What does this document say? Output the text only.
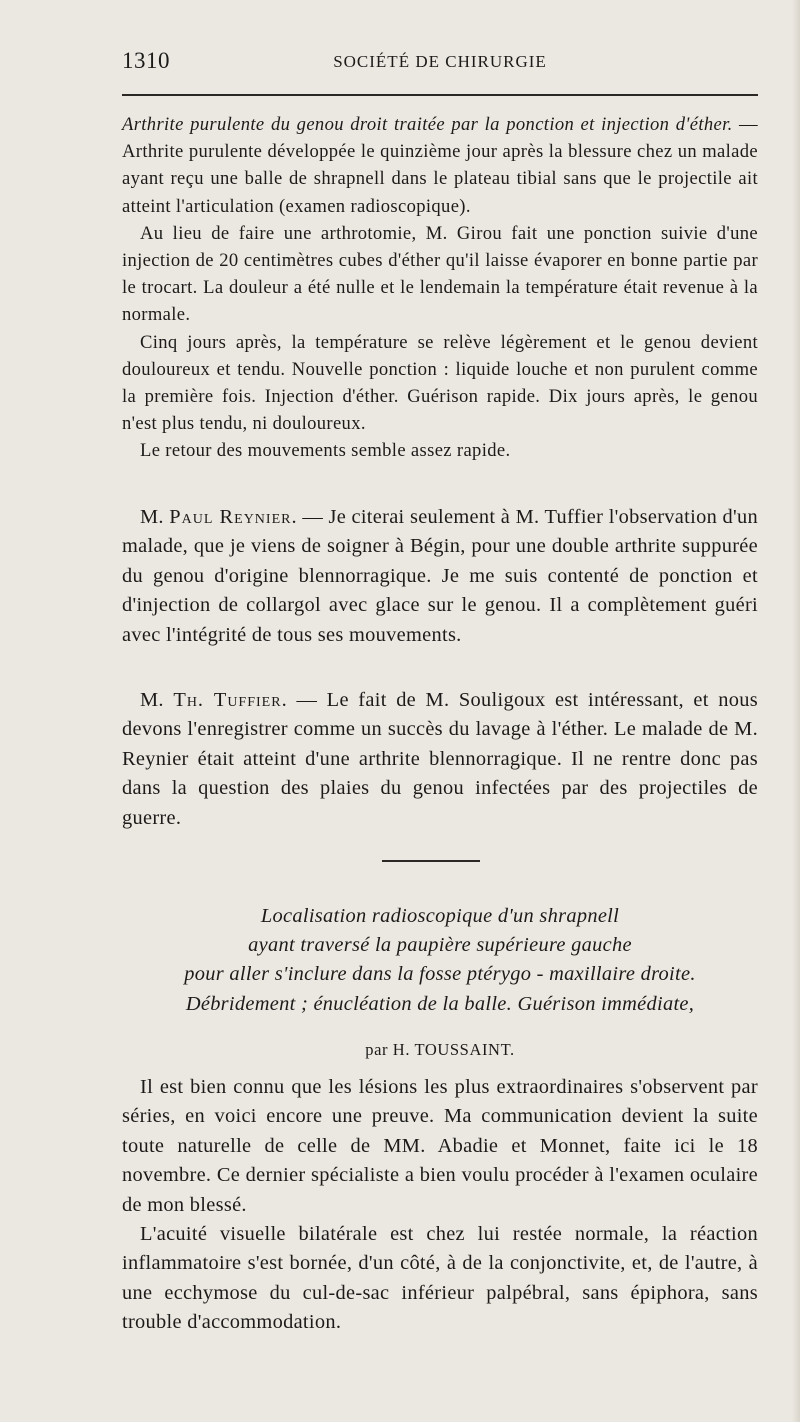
1310	SOCIÉTÉ DE CHIRURGIE

Arthrite purulente du genou droit traitée par la ponction et injection d'éther. — Arthrite purulente développée le quinzième jour après la blessure chez un malade ayant reçu une balle de shrapnell dans le plateau tibial sans que le projectile ait atteint l'articulation (examen radioscopique).

Au lieu de faire une arthrotomie, M. Girou fait une ponction suivie d'une injection de 20 centimètres cubes d'éther qu'il laisse évaporer en bonne partie par le trocart. La douleur a été nulle et le lendemain la température était revenue à la normale.

Cinq jours après, la température se relève légèrement et le genou devient douloureux et tendu. Nouvelle ponction : liquide louche et non purulent comme la première fois. Injection d'éther. Guérison rapide. Dix jours après, le genou n'est plus tendu, ni douloureux.

Le retour des mouvements semble assez rapide.

M. Paul Reynier. — Je citerai seulement à M. Tuffier l'observation d'un malade, que je viens de soigner à Bégin, pour une double arthrite suppurée du genou d'origine blennorragique. Je me suis contenté de ponction et d'injection de collargol avec glace sur le genou. Il a complètement guéri avec l'intégrité de tous ses mouvements.

M. Th. Tuffier. — Le fait de M. Souligoux est intéressant, et nous devons l'enregistrer comme un succès du lavage à l'éther. Le malade de M. Reynier était atteint d'une arthrite blennorragique. Il ne rentre donc pas dans la question des plaies du genou infectées par des projectiles de guerre.

Localisation radioscopique d'un shrapnell
ayant traversé la paupière supérieure gauche
pour aller s'inclure dans la fosse ptérygo - maxillaire droite.
Débridement ; énucléation de la balle. Guérison immédiate,
par H. TOUSSAINT.

Il est bien connu que les lésions les plus extraordinaires s'observent par séries, en voici encore une preuve. Ma communication devient la suite toute naturelle de celle de MM. Abadie et Monnet, faite ici le 18 novembre. Ce dernier spécialiste a bien voulu procéder à l'examen oculaire de mon blessé.

L'acuité visuelle bilatérale est chez lui restée normale, la réaction inflammatoire s'est bornée, d'un côté, à de la conjonctivite, et, de l'autre, à une ecchymose du cul-de-sac inférieur palpébral, sans épiphora, sans trouble d'accommodation.
